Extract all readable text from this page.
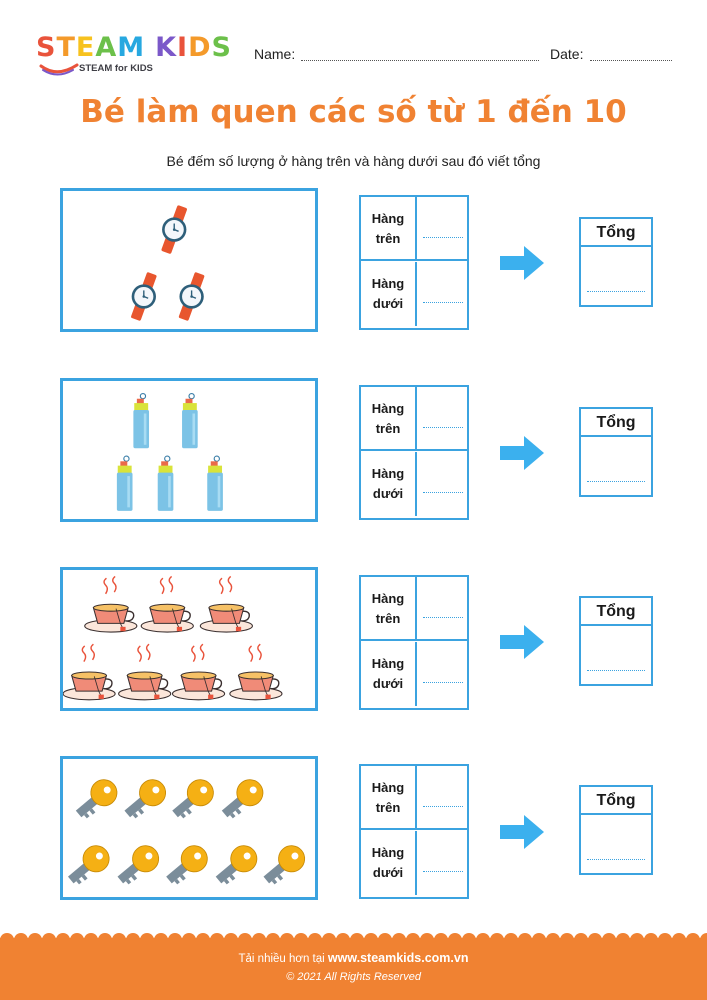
STEAM KIDS
STEAM for KIDS
Name:	Date:
Bé làm quen các số từ 1 đến 10
Bé đếm số lượng ở hàng trên và hàng dưới sau đó viết tổng
Hàng
trên
Hàng
dưới
Tổng
Hàng
trên
Hàng
dưới
Tổng
Hàng
trên
Hàng
dưới
Tổng
Hàng
trên
Hàng
dưới
Tổng
Tải nhiều hơn tại www.steamkids.com.vn
© 2021 All Rights Reserved
